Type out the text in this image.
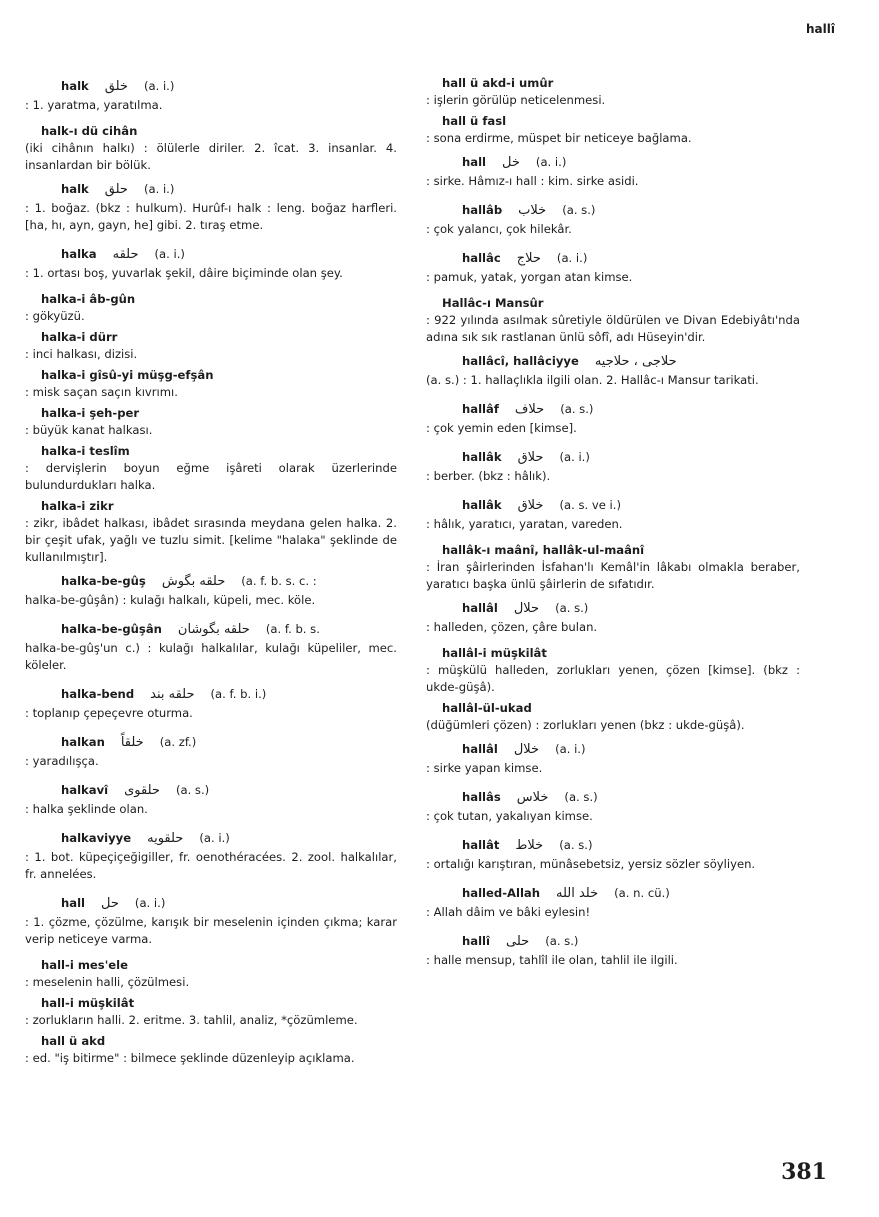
hallî
halk خلق (a. i.)
: 1. yaratma, yaratılma.
halk-ı dü cihân
(iki cihânın halkı) : ölülerle diriler. 2. îcat. 3. insanlar. 4. insanlardan bir bölük.
halk حلق (a. i.)
: 1. boğaz. (bkz : hulkum). Hurûf-ı halk : leng. boğaz harfleri. [ha, hı, ayn, gayn, he] gibi. 2. tıraş etme.
halka حلقه (a. i.)
: 1. ortası boş, yuvarlak şekil, dâire biçiminde olan şey.
halka-i âb-gûn
: gökyüzü.
halka-i dürr
: inci halkası, dizisi.
halka-i gîsû-yi müşg-efşân
: misk saçan saçın kıvrımı.
halka-i şeh-per
: büyük kanat halkası.
halka-i teslîm
: dervişlerin boyun eğme işâreti olarak üzerlerinde bulundurdukları halka.
halka-i zikr
: zikr, ibâdet halkası, ibâdet sırasında meydana gelen halka. 2. bir çeşit ufak, yağlı ve tuzlu simit. [kelime "halaka" şeklinde de kullanılmıştır].
halka-be-gûş حلقه بگوش (a. f. b. s. c. :
halka-be-gûşân) : kulağı halkalı, küpeli, mec. köle.
halka-be-gûşân حلقه بگوشان (a. f. b. s.
halka-be-gûş'un c.) : kulağı halkalılar, kulağı küpeliler, mec. köleler.
halka-bend حلقه بند (a. f. b. i.)
: toplanıp çepeçevre oturma.
halkan خلقاً (a. zf.)
: yaradılışça.
halkavî حلقوی (a. s.)
: halka şeklinde olan.
halkaviyye حلقویه (a. i.)
: 1. bot. küpeçiçeğigiller, fr. oenothéracées. 2. zool. halkalılar, fr. annelées.
hall حل (a. i.)
: 1. çözme, çözülme, karışık bir meselenin içinden çıkma; karar verip neticeye varma.
hall-i mes'ele
: meselenin halli, çözülmesi.
hall-i müşkilât
: zorlukların halli. 2. eritme. 3. tahlil, analiz, *çözümleme.
hall ü akd
: ed. "iş bitirme" : bilmece şeklinde düzenleyip açıklama.
hall ü akd-i umûr
: işlerin görülüp neticelenmesi.
hall ü fasl
: sona erdirme, müspet bir neticeye bağlama.
hall خل (a. i.)
: sirke. Hâmız-ı hall : kim. sirke asidi.
hallâb خلاب (a. s.)
: çok yalancı, çok hilekâr.
hallâc حلاج (a. i.)
: pamuk, yatak, yorgan atan kimse.
Hallâc-ı Mansûr
: 922 yılında asılmak sûretiyle öldürülen ve Divan Edebiyâtı'nda adına sık sık rastlanan ünlü sôfî, adı Hüseyin'dir.
hallâcî, hallâciyye حلاجی ، حلاجیه
(a. s.) : 1. hallaçlıkla ilgili olan. 2. Hallâc-ı Mansur tarikati.
hallâf حلاف (a. s.)
: çok yemin eden [kimse].
hallâk حلاق (a. i.)
: berber. (bkz : hâlık).
hallâk خلاق (a. s. ve i.)
: hâlık, yaratıcı, yaratan, vareden.
hallâk-ı maânî, hallâk-ul-maânî
: İran şâirlerinden İsfahan'lı Kemâl'in lâkabı olmakla beraber, yaratıcı başka ünlü şâirlerin de sıfatıdır.
hallâl حلال (a. s.)
: halleden, çözen, çâre bulan.
hallâl-i müşkilât
: müşkülü halleden, zorlukları yenen, çözen [kimse]. (bkz : ukde-güşâ).
hallâl-ül-ukad
(düğümleri çözen) : zorlukları yenen (bkz : ukde-güşâ).
hallâl خلال (a. i.)
: sirke yapan kimse.
hallâs خلاس (a. s.)
: çok tutan, yakalıyan kimse.
hallât خلاط (a. s.)
: ortalığı karıştıran, münâsebetsiz, yersiz sözler söyliyen.
halled-Allah خلد الله (a. n. cü.)
: Allah dâim ve bâki eylesin!
hallî حلی (a. s.)
: halle mensup, tahlîl ile olan, tahlil ile ilgili.
381
